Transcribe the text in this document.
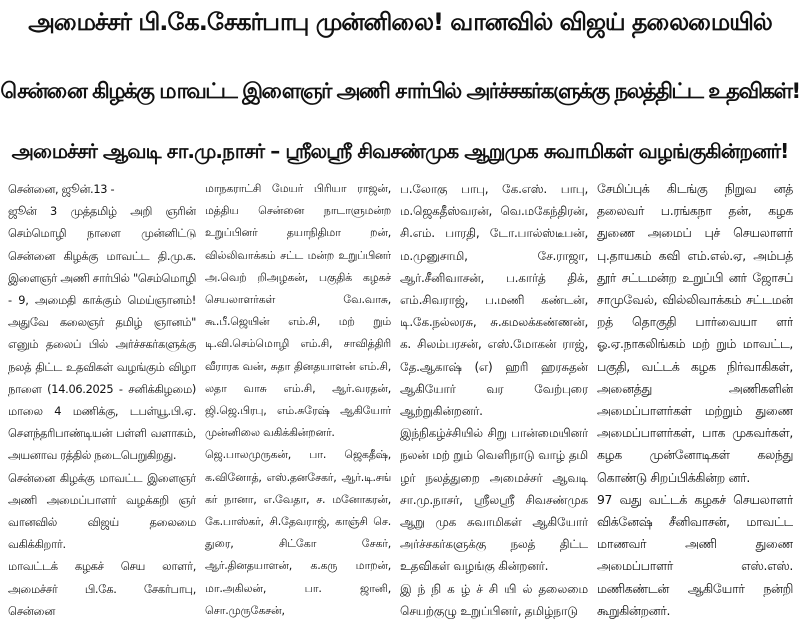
அமைச்சர் பி.கே.சேகர்பாபு முன்னிலை! வானவில் விஜய் தலைமையில்
சென்னை கிழக்கு மாவட்ட இளைஞர் அணி சார்பில் அர்ச்சகர்களுக்கு நலத்திட்ட உதவிகள்!
அமைச்சர் ஆவடி சா.மு.நாசர் – ஸ்ரீலஸ்ரீ சிவசண்முக ஆறுமுக சுவாமிகள் வழங்குகின்றனர்!

சென்னை, ஜூன்.13 -
ஜூன் 3 முத்தமிழ் அறி ஞரின் செம்மொழி நாளை முன்னிட்டு சென்னை கிழக்கு மாவட்ட தி.மு.க. இளைஞர் அணி சார்பில் "செம்மொழி - 9, அமைதி காக்கும் மெய்ஞானம்! அதுவே கலைஞர் தமிழ் ஞானம்" எனும் தலைப் பில் அர்ச்சகர்களுக்கு நலத் திட்ட உதவிகள் வழங்கும் விழா நாளை (14.06.2025 - சனிக்கிழமை) மாலை 4 மணிக்கு, டபள்யூ.பி.ஏ. சௌந்தரிபாண்டியன் பள்ளி வளாகம், அயனாவ ரத்தில் நடைபெறுகிறது.
சென்னை கிழக்கு மாவட்ட இளைஞர் அணி அமைப்பாளர் வழக்கறி ஞர் வானவில் விஜய் தலைமை வகிக்கிறார்.
மாவட்டக் கழகச் செய லாளர், அமைச்சர் பி.கே. சேகர்பாபு, சென்னை

மாநகராட்சி மேயர் பிரியா ராஜன், மத்திய சென்னை நாடாளுமன்ற உறுப்பினர் தயாநிதிமா றன், வில்லிவாக்கம் சட்ட மன்ற உறுப்பினர் அ.வெற் றிஅழகன், பகுதிக் கழகச் செயலாளர்கள் வே.வாசு, கூ.பீ.ஜெயின் எம்.சி, மற் றும் டி.வி.செம்மொழி எம்.சி, சாவித்திரி வீராரக வன், சுதா தினதயாளன் எம்.சி, லதா வாசு எம்.சி, ஆர்.வரதன், ஜி.ஜெ.பிரபு, எம்.சுரேஷ் ஆகியோர் முன்னிலை வகிக்கின்றனர்.
ஜெ.பாலமுருகன், பா. ஜெகதீஷ், க.வினோத், எஸ்.தனசேகர், ஆர்.டி.சங் கர் நானா, எ.வேதா, ச. மனோகரன், கே.பாஸ்கர், சி.தேவராஜ், காஞ்சி செ. துரை, சிட்கோ சேகர், ஆர்.தினதயாளன், க.கரு மாறன், மா.அகிலன், பா. ஜானி, சொ.முருகேசன்,

ப.லோகு பாபு, கே.எஸ். பாபு, ம.ஜெகதீஸ்வரன், வெ.மகேந்திரன், சி.எம். பாரதி, டோ.பால்ஸ்டீபன், ம.முனுசாமி, சே.ராஜா, ஆர்.சீனிவாசன், ப.கார்த் திக், எம்.சிவராஜ், ப.மணி கண்டன், டி.கே.நல்லரசு, சு.கமலக்கண்ணன், க. சிலம்பரசன், எஸ்.மோகன் ராஜ், தே.ஆகாஷ் (எ) ஹரி ஹரசுதன் ஆகியோர் வர வேற்புரை ஆற்றுகின்றனர்.
இந்நிகழ்ச்சியில் சிறு பான்மையினர் நலன் மற் றும் வெளிநாடு வாழ் தமி ழர் நலத்துறை அமைச்சர் ஆவடி சா.மு.நாசர், ஸ்ரீலஸ்ரீ சிவசண்முக ஆறு முக சுவாமிகள் ஆகியோர் அர்ச்சகர்களுக்கு நலத் திட்ட உதவிகள் வழங்கு கின்றனர்.
இ ந் நி க ழ் ச் சி யி ல் தலைமை செயற்குழு உறுப்பினர், தமிழ்நாடு

சேமிப்புக் கிடங்கு நிறுவ னத் தலைவர் ப.ரங்கநா தன், கழக துணை அமைப் புச் செயலாளர் பு.தாயகம் கவி எம்.எல்.ஏ, அம்பத் தூர் சட்டமன்ற உறுப்பி னர் ஜோசப் சாமுவேல், வில்லிவாக்கம் சட்டமன் றத் தொகுதி பார்வையா ளர் ஓ.ஏ.நாகலிங்கம் மற் றும் மாவட்ட, பகுதி, வட்டக் கழக நிர்வாகிகள், அனைத்து அணிகளின் அமைப்பாளர்கள் மற்றும் துணை அமைப்பாளர்கள், பாக முகவர்கள், கழக முன்னோடிகள் கலந்து கொண்டு சிறப்பிக்கின்ற னர்.
97 வது வட்டக் கழகச் செயலாளர் விக்னேஷ் சீனிவாசன், மாவட்ட மாணவர் அணி துணை அமைப்பாளர் எஸ்.எஸ். மணிகண்டன் ஆகியோர் நன்றி கூறுகின்றனர்.
